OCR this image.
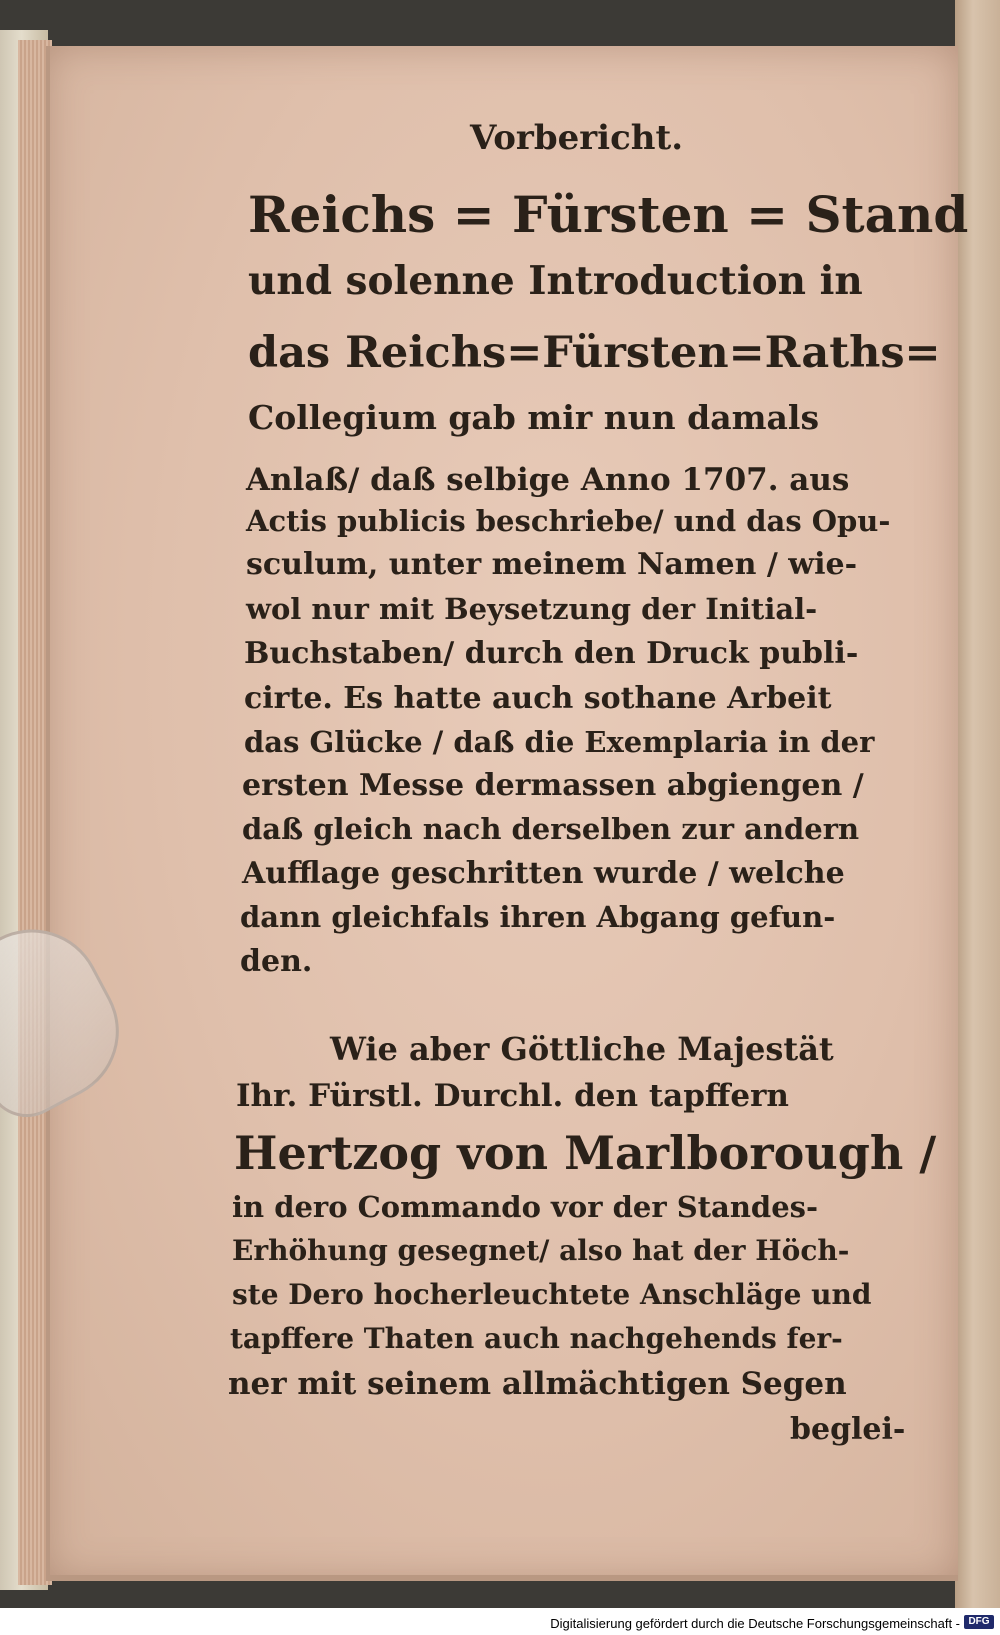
Vorbericht.
Reichs = Fürsten = Stand
und solenne Introduction in
das Reichs=Fürsten=Raths=
Collegium gab mir nun damals
Anlaß/ daß selbige Anno 1707. aus
Actis publicis beschriebe/ und das Opu-
sculum, unter meinem Namen / wie-
wol nur mit Beysetzung der Initial-
Buchstaben/ durch den Druck publi-
cirte. Es hatte auch sothane Arbeit
das Glücke / daß die Exemplaria in der
ersten Messe dermassen abgiengen /
daß gleich nach derselben zur andern
Aufflage geschritten wurde / welche
dann gleichfals ihren Abgang gefun-
den.
Wie aber Göttliche Majestät
Ihr. Fürstl. Durchl. den tapffern
Hertzog von Marlborough /
in dero Commando vor der Standes-
Erhöhung gesegnet/ also hat der Höch-
ste Dero hocherleuchtete Anschläge und
tapffere Thaten auch nachgehends fer-
ner mit seinem allmächtigen Segen
beglei-
Digitalisierung gefördert durch die Deutsche Forschungsgemeinschaft - DFG
